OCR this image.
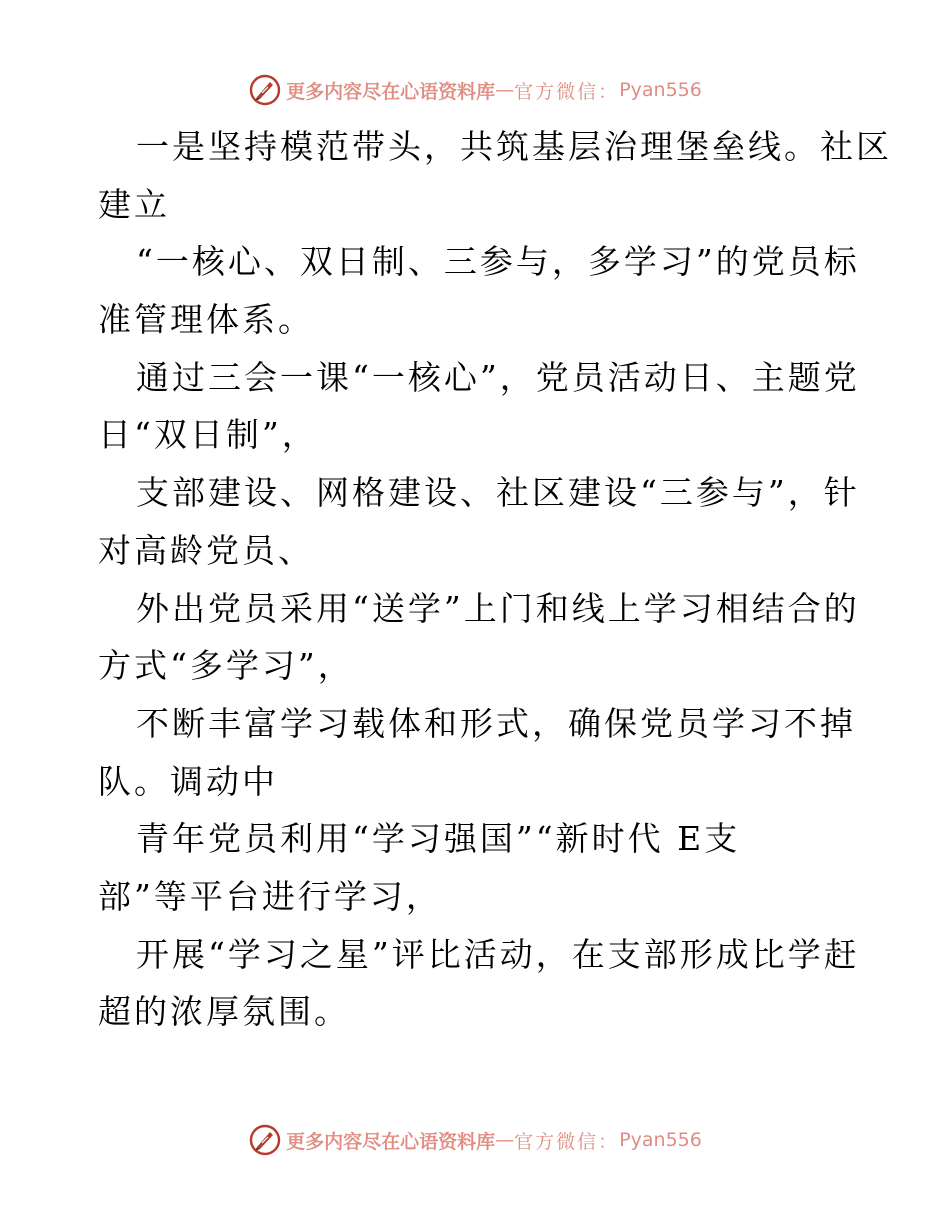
更多内容尽在心语资料库 — 官方微信： Pyan556
一是坚持模范带头，共筑基层治理堡垒线。社区
建立
“一核心、双日制、三参与，多学习”的党员标
准管理体系。
通过三会一课“一核心”，党员活动日、主题党
日“双日制”，
支部建设、网格建设、社区建设“三参与”，针
对高龄党员、
外出党员采用“送学”上门和线上学习相结合的
方式“多学习”，
不断丰富学习载体和形式，确保党员学习不掉
队。调动中
青年党员利用“学习强国”“新时代 E支
部”等平台进行学习，
开展“学习之星”评比活动，在支部形成比学赶
超的浓厚氛围。
更多内容尽在心语资料库 — 官方微信： Pyan556
